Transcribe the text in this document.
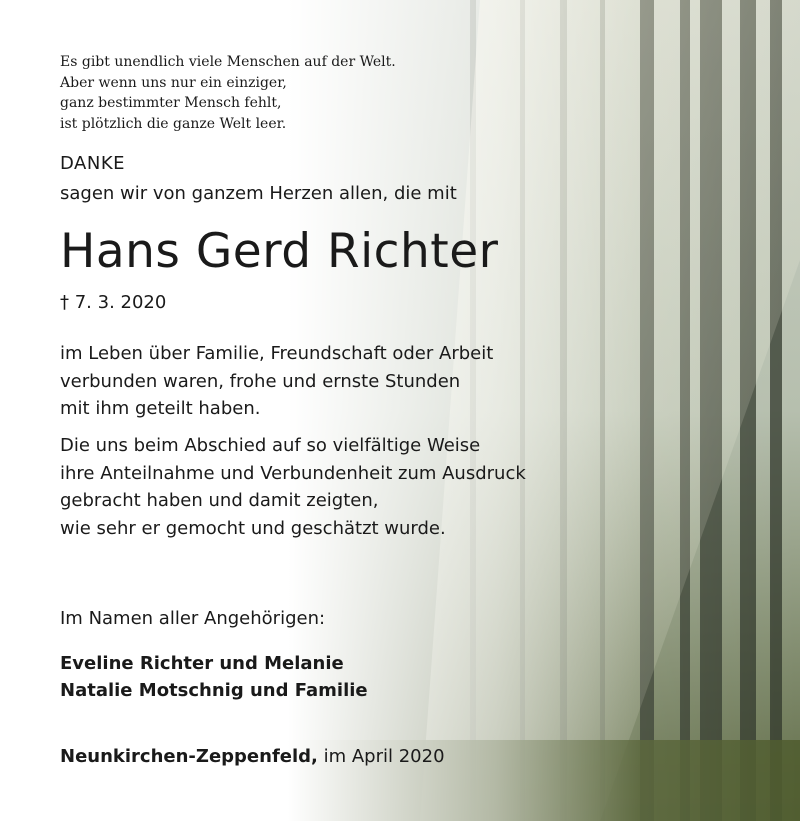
Es gibt unendlich viele Menschen auf der Welt.
Aber wenn uns nur ein einziger,
ganz bestimmter Mensch fehlt,
ist plötzlich die ganze Welt leer.
DANKE
sagen wir von ganzem Herzen allen, die mit
Hans Gerd Richter
† 7. 3. 2020
im Leben über Familie, Freundschaft oder Arbeit
verbunden waren, frohe und ernste Stunden
mit ihm geteilt haben.
Die uns beim Abschied auf so vielfältige Weise
ihre Anteilnahme und Verbundenheit zum Ausdruck
gebracht haben und damit zeigten,
wie sehr er gemocht und geschätzt wurde.
Im Namen aller Angehörigen:
Eveline Richter und Melanie
Natalie Motschnig und Familie
Neunkirchen-Zeppenfeld, im April 2020
